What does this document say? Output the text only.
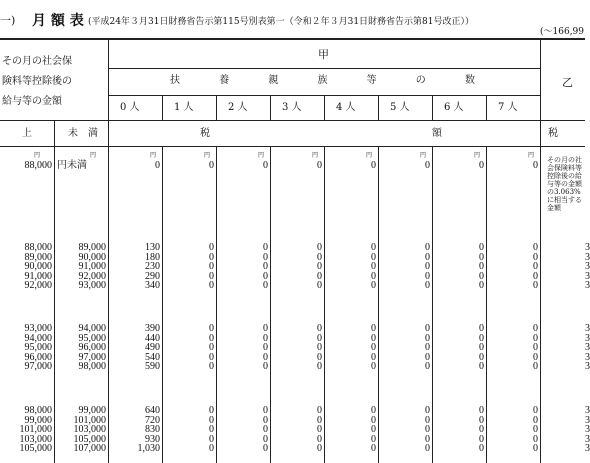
一) 月 額 表 (平成24年３月31日財務省告示第115号別表第一（令和２年３月31日財務省告示第81号改正））
(～166,99
その月の社会保
険料等控除後の
給与等の金額
甲
乙
扶	養	親	族	等	の	数
0 人	1 人	2 人	3 人	4 人	5 人	6 人	7 人
上	未　満	税	額	税
円	円	円	円	円	円	円	円	円	円
88,000 円未満	0	0	0	0	0	0	0	0 その月の社会保険料等控除後の給与等の金額の3.063%に相当する金額
88,000	89,000	130	0	0	0	0	0	0	0	3
89,000	90,000	180	0	0	0	0	0	0	0	3
90,000	91,000	230	0	0	0	0	0	0	0	3
91,000	92,000	290	0	0	0	0	0	0	0	3
92,000	93,000	340	0	0	0	0	0	0	0	3
93,000	94,000	390	0	0	0	0	0	0	0	3
94,000	95,000	440	0	0	0	0	0	0	0	3
95,000	96,000	490	0	0	0	0	0	0	0	3
96,000	97,000	540	0	0	0	0	0	0	0	3
97,000	98,000	590	0	0	0	0	0	0	0	3
98,000	99,000	640	0	0	0	0	0	0	0	3
99,000	101,000	720	0	0	0	0	0	0	0	3
101,000	103,000	830	0	0	0	0	0	0	0	3
103,000	105,000	930	0	0	0	0	0	0	0	3
105,000	107,000	1,030	0	0	0	0	0	0	0	3
